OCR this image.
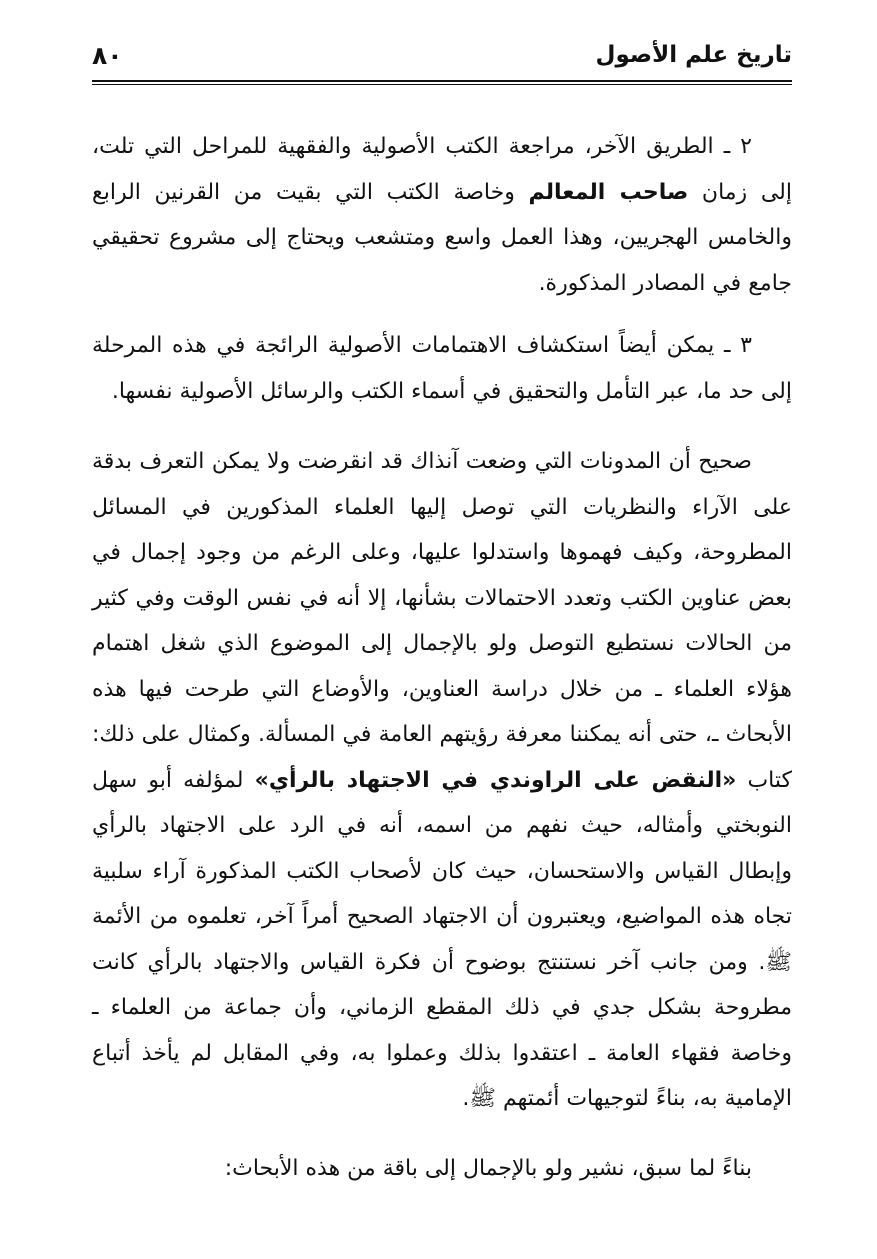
٨٠	تاريخ علم الأصول

٢ ـ الطريق الآخر، مراجعة الكتب الأصولية والفقهية للمراحل التي تلت، إلى زمان صاحب المعالم وخاصة الكتب التي بقيت من القرنين الرابع والخامس الهجريين، وهذا العمل واسع ومتشعب ويحتاج إلى مشروع تحقيقي جامع في المصادر المذكورة.

٣ ـ يمكن أيضاً استكشاف الاهتمامات الأصولية الرائجة في هذه المرحلة إلى حد ما، عبر التأمل والتحقيق في أسماء الكتب والرسائل الأصولية نفسها.

صحيح أن المدونات التي وضعت آنذاك قد انقرضت ولا يمكن التعرف بدقة على الآراء والنظريات التي توصل إليها العلماء المذكورين في المسائل المطروحة، وكيف فهموها واستدلوا عليها، وعلى الرغم من وجود إجمال في بعض عناوين الكتب وتعدد الاحتمالات بشأنها، إلا أنه في نفس الوقت وفي كثير من الحالات نستطيع التوصل ولو بالإجمال إلى الموضوع الذي شغل اهتمام هؤلاء العلماء ـ من خلال دراسة العناوين، والأوضاع التي طرحت فيها هذه الأبحاث ـ، حتى أنه يمكننا معرفة رؤيتهم العامة في المسألة. وكمثال على ذلك: كتاب «النقض على الراوندي في الاجتهاد بالرأي» لمؤلفه أبو سهل النوبختي وأمثاله، حيث نفهم من اسمه، أنه في الرد على الاجتهاد بالرأي وإبطال القياس والاستحسان، حيث كان لأصحاب الكتب المذكورة آراء سلبية تجاه هذه المواضيع، ويعتبرون أن الاجتهاد الصحيح أمراً آخر، تعلموه من الأئمة ﷺ. ومن جانب آخر نستنتج بوضوح أن فكرة القياس والاجتهاد بالرأي كانت مطروحة بشكل جدي في ذلك المقطع الزماني، وأن جماعة من العلماء ـ وخاصة فقهاء العامة ـ اعتقدوا بذلك وعملوا به، وفي المقابل لم يأخذ أتباع الإمامية به، بناءً لتوجيهات أئمتهم ﷺ.

بناءً لما سبق، نشير ولو بالإجمال إلى باقة من هذه الأبحاث:
